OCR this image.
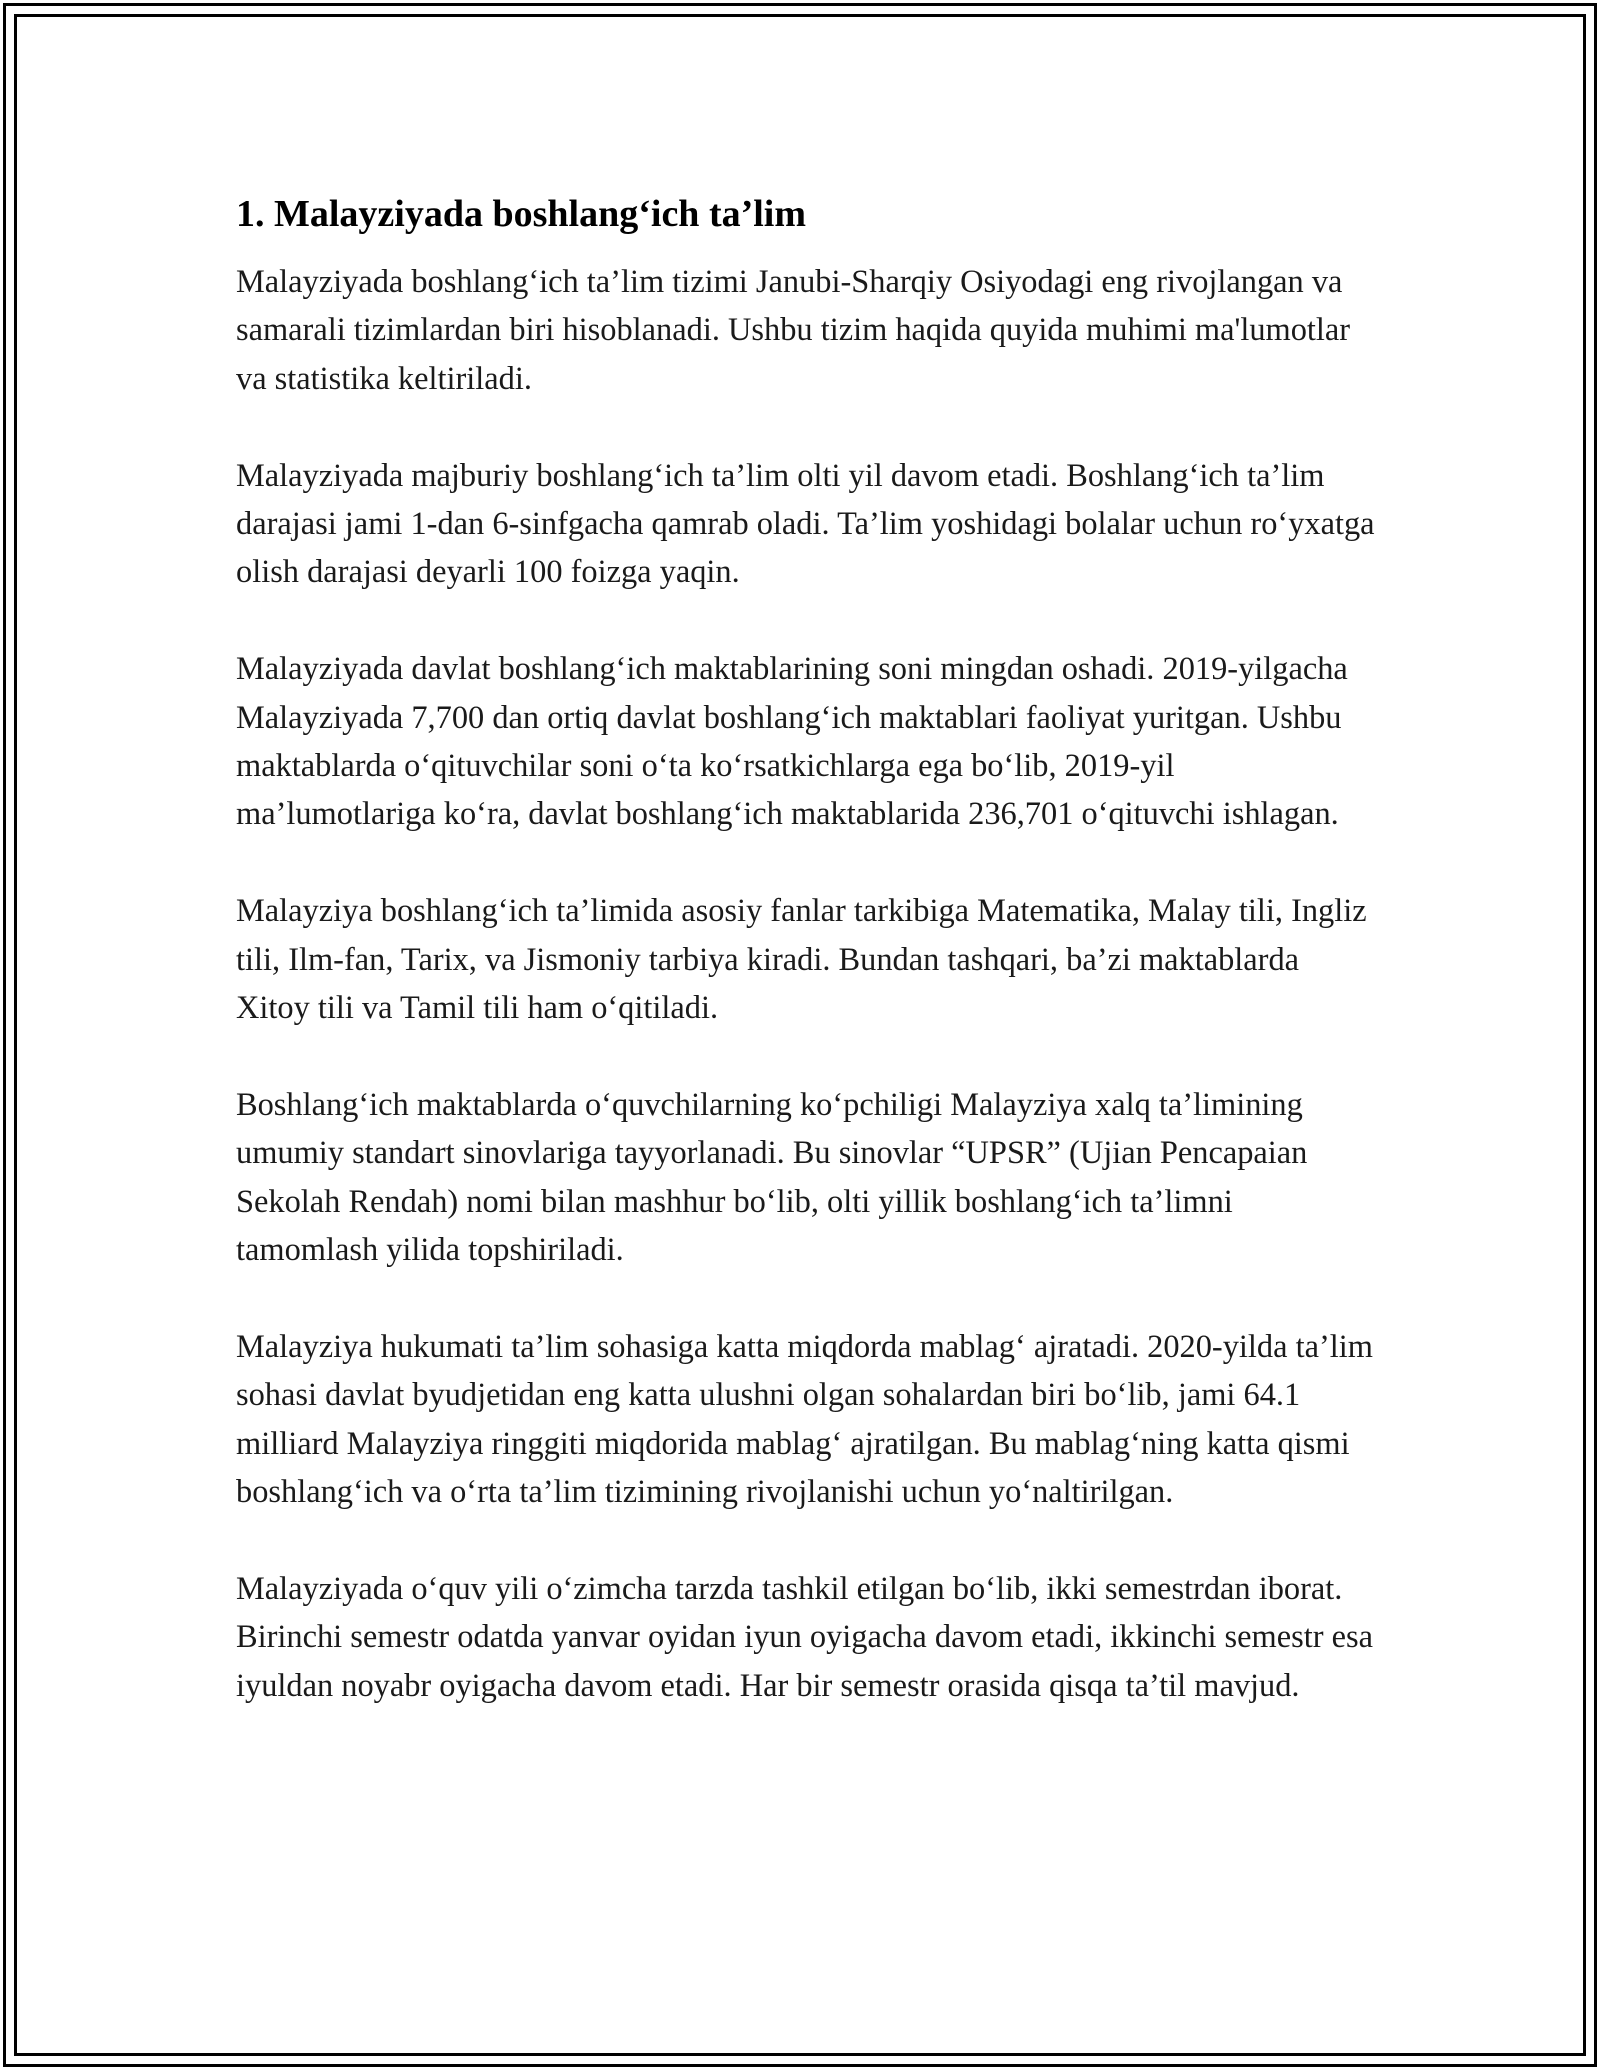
1. Malayziyada boshlang‘ich ta’lim

Malayziyada boshlang‘ich ta’lim tizimi Janubi-Sharqiy Osiyodagi eng rivojlangan va samarali tizimlardan biri hisoblanadi. Ushbu tizim haqida quyida muhimi ma'lumotlar va statistika keltiriladi.

Malayziyada majburiy boshlang‘ich ta’lim olti yil davom etadi. Boshlang‘ich ta’lim darajasi jami 1-dan 6-sinfgacha qamrab oladi. Ta’lim yoshidagi bolalar uchun ro‘yxatga olish darajasi deyarli 100 foizga yaqin.

Malayziyada davlat boshlang‘ich maktablarining soni mingdan oshadi. 2019-yilgacha Malayziyada 7,700 dan ortiq davlat boshlang‘ich maktablari faoliyat yuritgan. Ushbu maktablarda o‘qituvchilar soni o‘ta ko‘rsatkichlarga ega bo‘lib, 2019-yil ma’lumotlariga ko‘ra, davlat boshlang‘ich maktablarida 236,701 o‘qituvchi ishlagan.

Malayziya boshlang‘ich ta’limida asosiy fanlar tarkibiga Matematika, Malay tili, Ingliz tili, Ilm-fan, Tarix, va Jismoniy tarbiya kiradi. Bundan tashqari, ba’zi maktablarda Xitoy tili va Tamil tili ham o‘qitiladi.

Boshlang‘ich maktablarda o‘quvchilarning ko‘pchiligi Malayziya xalq ta’limining umumiy standart sinovlariga tayyorlanadi. Bu sinovlar “UPSR” (Ujian Pencapaian Sekolah Rendah) nomi bilan mashhur bo‘lib, olti yillik boshlang‘ich ta’limni tamomlash yilida topshiriladi.

Malayziya hukumati ta’lim sohasiga katta miqdorda mablag‘ ajratadi. 2020-yilda ta’lim sohasi davlat byudjetidan eng katta ulushni olgan sohalardan biri bo‘lib, jami 64.1 milliard Malayziya ringgiti miqdorida mablag‘ ajratilgan. Bu mablag‘ning katta qismi boshlang‘ich va o‘rta ta’lim tizimining rivojlanishi uchun yo‘naltirilgan.

Malayziyada o‘quv yili o‘zimcha tarzda tashkil etilgan bo‘lib, ikki semestrdan iborat. Birinchi semestr odatda yanvar oyidan iyun oyigacha davom etadi, ikkinchi semestr esa iyuldan noyabr oyigacha davom etadi. Har bir semestr orasida qisqa ta’til mavjud.
